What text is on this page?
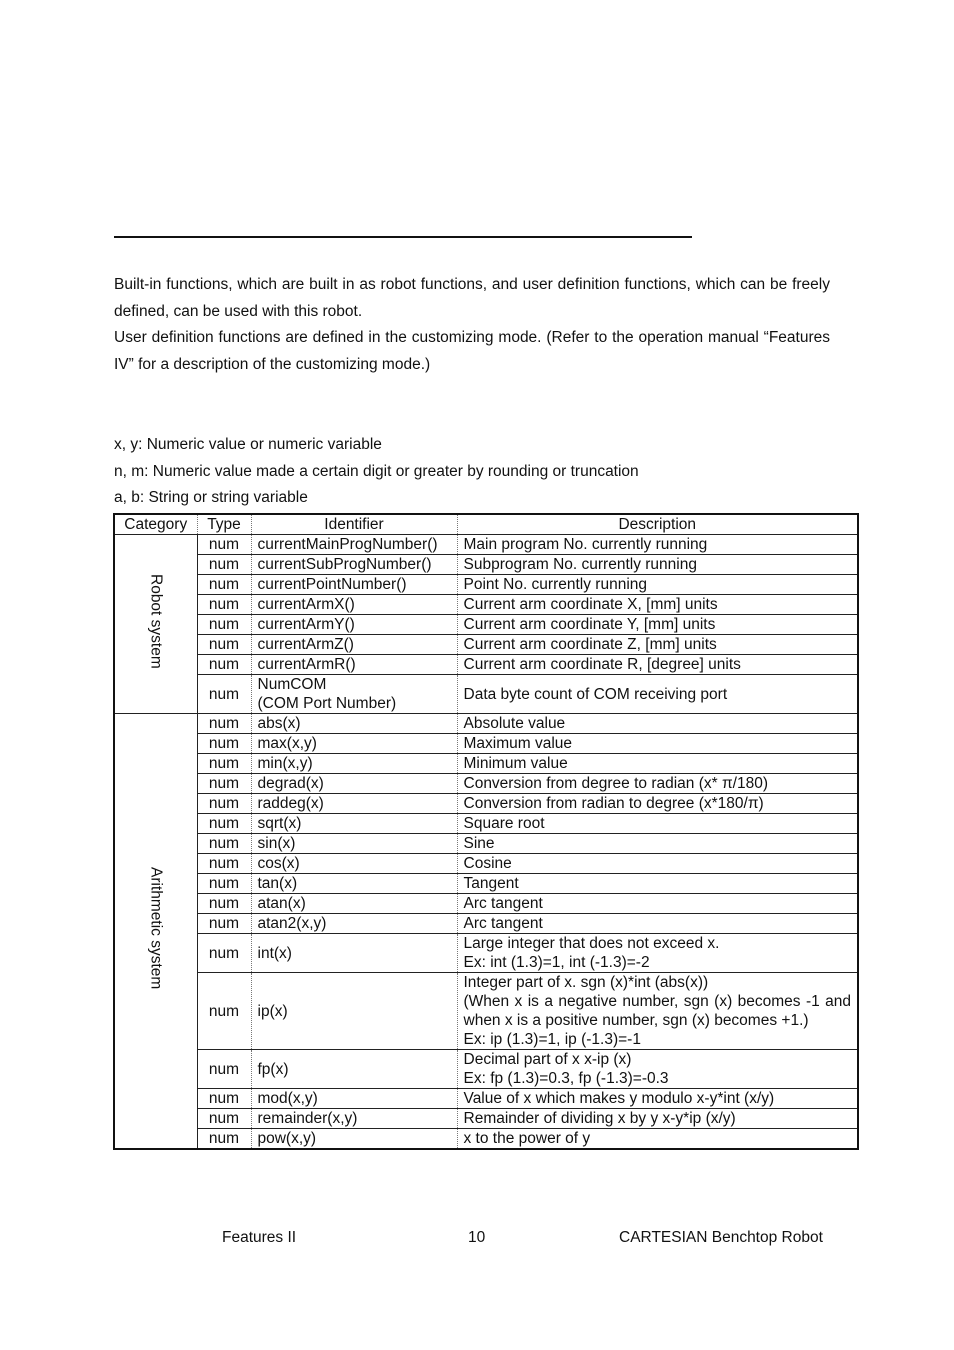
Built-in functions, which are built in as robot functions, and user definition functions, which can be freely defined, can be used with this robot.

User definition functions are defined in the customizing mode. (Refer to the operation manual “Features IV” for a description of the customizing mode.)

x, y: Numeric value or numeric variable

n, m: Numeric value made a certain digit or greater by rounding or truncation

a, b: String or string variable

Category	Type	Identifier	Description
Robot system	num	currentMainProgNumber()	Main program No. currently running
	num	currentSubProgNumber()	Subprogram No. currently running
	num	currentPointNumber()	Point No. currently running
	num	currentArmX()	Current arm coordinate X, [mm] units
	num	currentArmY()	Current arm coordinate Y, [mm] units
	num	currentArmZ()	Current arm coordinate Z, [mm] units
	num	currentArmR()	Current arm coordinate R, [degree] units
	num	NumCOM
(COM Port Number)	Data byte count of COM receiving port
Arithmetic system	num	abs(x)	Absolute value
	num	max(x,y)	Maximum value
	num	min(x,y)	Minimum value
	num	degrad(x)	Conversion from degree to radian (x* π/180)
	num	raddeg(x)	Conversion from radian to degree (x*180/π)
	num	sqrt(x)	Square root
	num	sin(x)	Sine
	num	cos(x)	Cosine
	num	tan(x)	Tangent
	num	atan(x)	Arc tangent
	num	atan2(x,y)	Arc tangent
	num	int(x)	Large integer that does not exceed x.
Ex: int (1.3)=1, int (-1.3)=-2
	num	ip(x)	Integer part of x. sgn (x)*int (abs(x))
(When x is a negative number, sgn (x) becomes -1 and when x is a positive number, sgn (x) becomes +1.)
Ex: ip (1.3)=1, ip (-1.3)=-1
	num	fp(x)	Decimal part of x x-ip (x)
Ex: fp (1.3)=0.3, fp (-1.3)=-0.3
	num	mod(x,y)	Value of x which makes y modulo x-y*int (x/y)
	num	remainder(x,y)	Remainder of dividing x by y x-y*ip (x/y)
	num	pow(x,y)	x to the power of y
Features II	10	CARTESIAN Benchtop Robot
